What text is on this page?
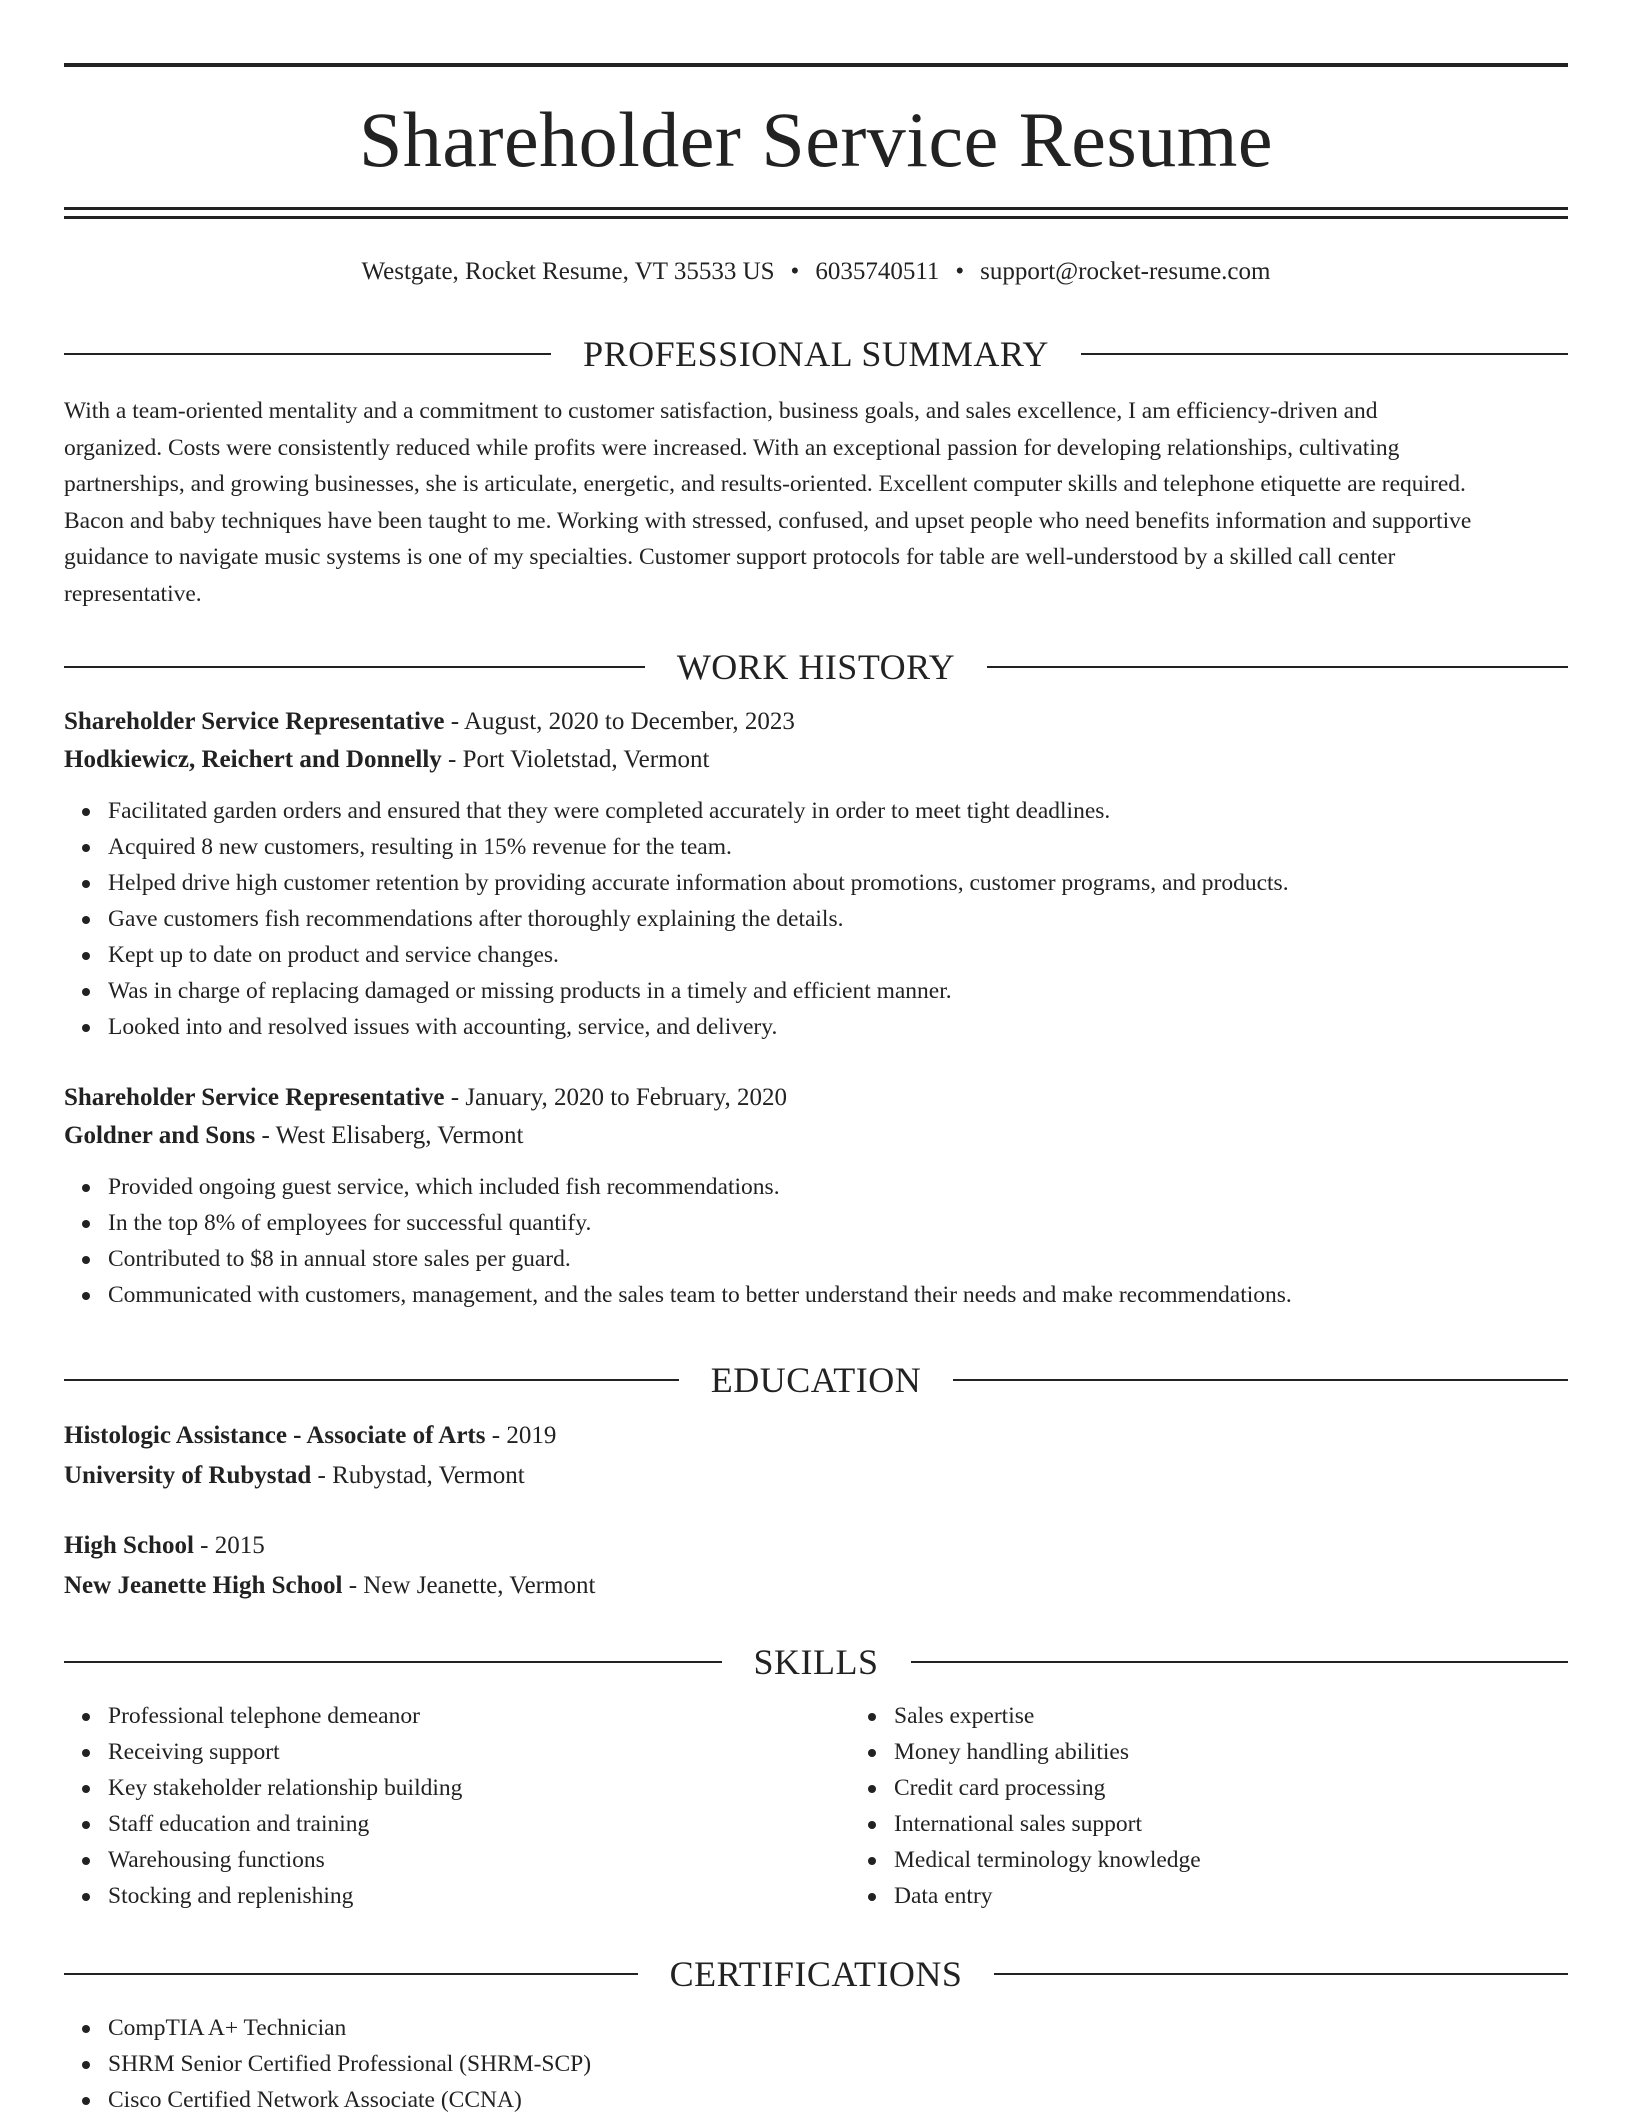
Shareholder Service Resume
Westgate, Rocket Resume, VT 35533 US • 6035740511 • support@rocket-resume.com
PROFESSIONAL SUMMARY
With a team-oriented mentality and a commitment to customer satisfaction, business goals, and sales excellence, I am efficiency-driven and
organized. Costs were consistently reduced while profits were increased. With an exceptional passion for developing relationships, cultivating
partnerships, and growing businesses, she is articulate, energetic, and results-oriented. Excellent computer skills and telephone etiquette are required.
Bacon and baby techniques have been taught to me. Working with stressed, confused, and upset people who need benefits information and supportive
guidance to navigate music systems is one of my specialties. Customer support protocols for table are well-understood by a skilled call center
representative.
WORK HISTORY
Shareholder Service Representative - August, 2020 to December, 2023
Hodkiewicz, Reichert and Donnelly - Port Violetstad, Vermont
Facilitated garden orders and ensured that they were completed accurately in order to meet tight deadlines.
Acquired 8 new customers, resulting in 15% revenue for the team.
Helped drive high customer retention by providing accurate information about promotions, customer programs, and products.
Gave customers fish recommendations after thoroughly explaining the details.
Kept up to date on product and service changes.
Was in charge of replacing damaged or missing products in a timely and efficient manner.
Looked into and resolved issues with accounting, service, and delivery.
Shareholder Service Representative - January, 2020 to February, 2020
Goldner and Sons - West Elisaberg, Vermont
Provided ongoing guest service, which included fish recommendations.
In the top 8% of employees for successful quantify.
Contributed to $8 in annual store sales per guard.
Communicated with customers, management, and the sales team to better understand their needs and make recommendations.
EDUCATION
Histologic Assistance - Associate of Arts - 2019
University of Rubystad - Rubystad, Vermont
High School - 2015
New Jeanette High School - New Jeanette, Vermont
SKILLS
Professional telephone demeanor
Receiving support
Key stakeholder relationship building
Staff education and training
Warehousing functions
Stocking and replenishing
Sales expertise
Money handling abilities
Credit card processing
International sales support
Medical terminology knowledge
Data entry
CERTIFICATIONS
CompTIA A+ Technician
SHRM Senior Certified Professional (SHRM-SCP)
Cisco Certified Network Associate (CCNA)
